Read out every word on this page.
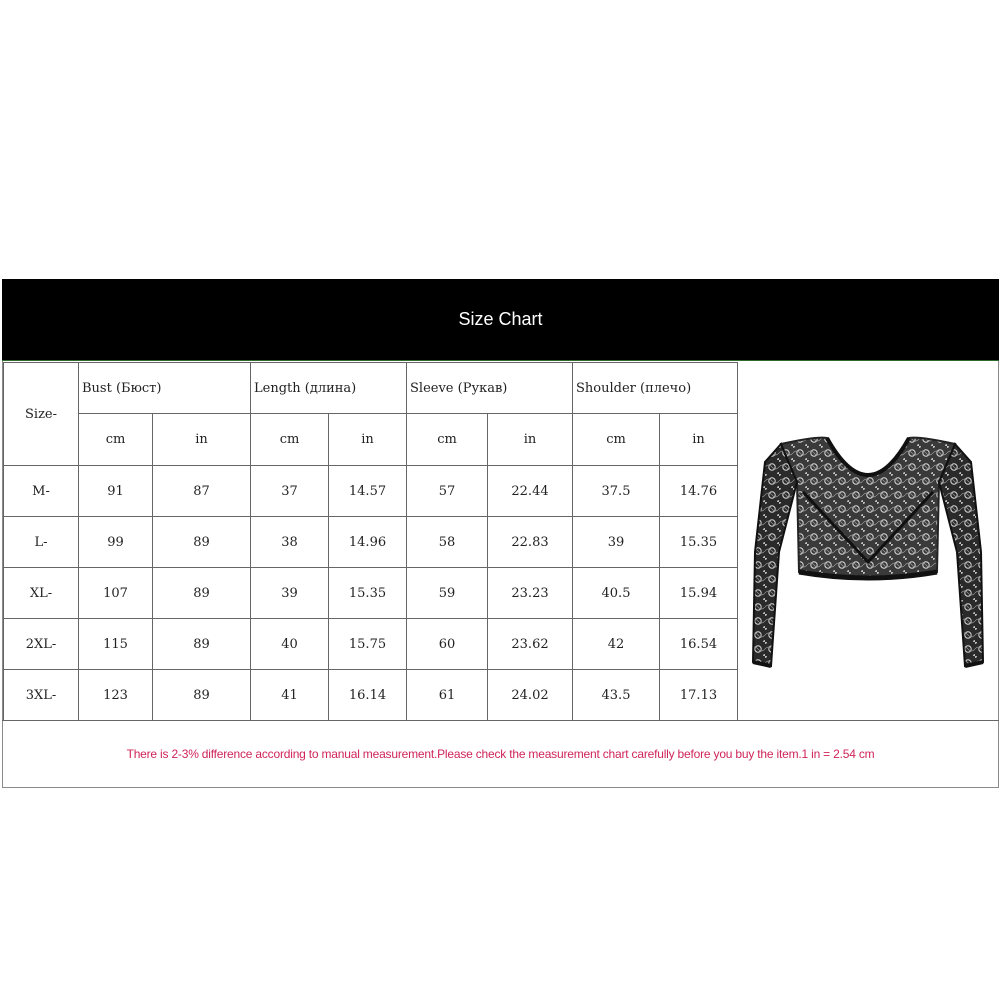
Size Chart
Size-	Bust (Бюст)		Length (длина)		Sleeve (Рукав)		Shoulder (плечо)	
	cm	in	cm	in	cm	in	cm	in
M-	91	87	37	14.57	57	22.44	37.5	14.76
L-	99	89	38	14.96	58	22.83	39	15.35
XL-	107	89	39	15.35	59	23.23	40.5	15.94
2XL-	115	89	40	15.75	60	23.62	42	16.54
3XL-	123	89	41	16.14	61	24.02	43.5	17.13
There is 2-3% difference according to manual measurement.Please check the measurement chart carefully before you buy the item.1 in = 2.54 cm
